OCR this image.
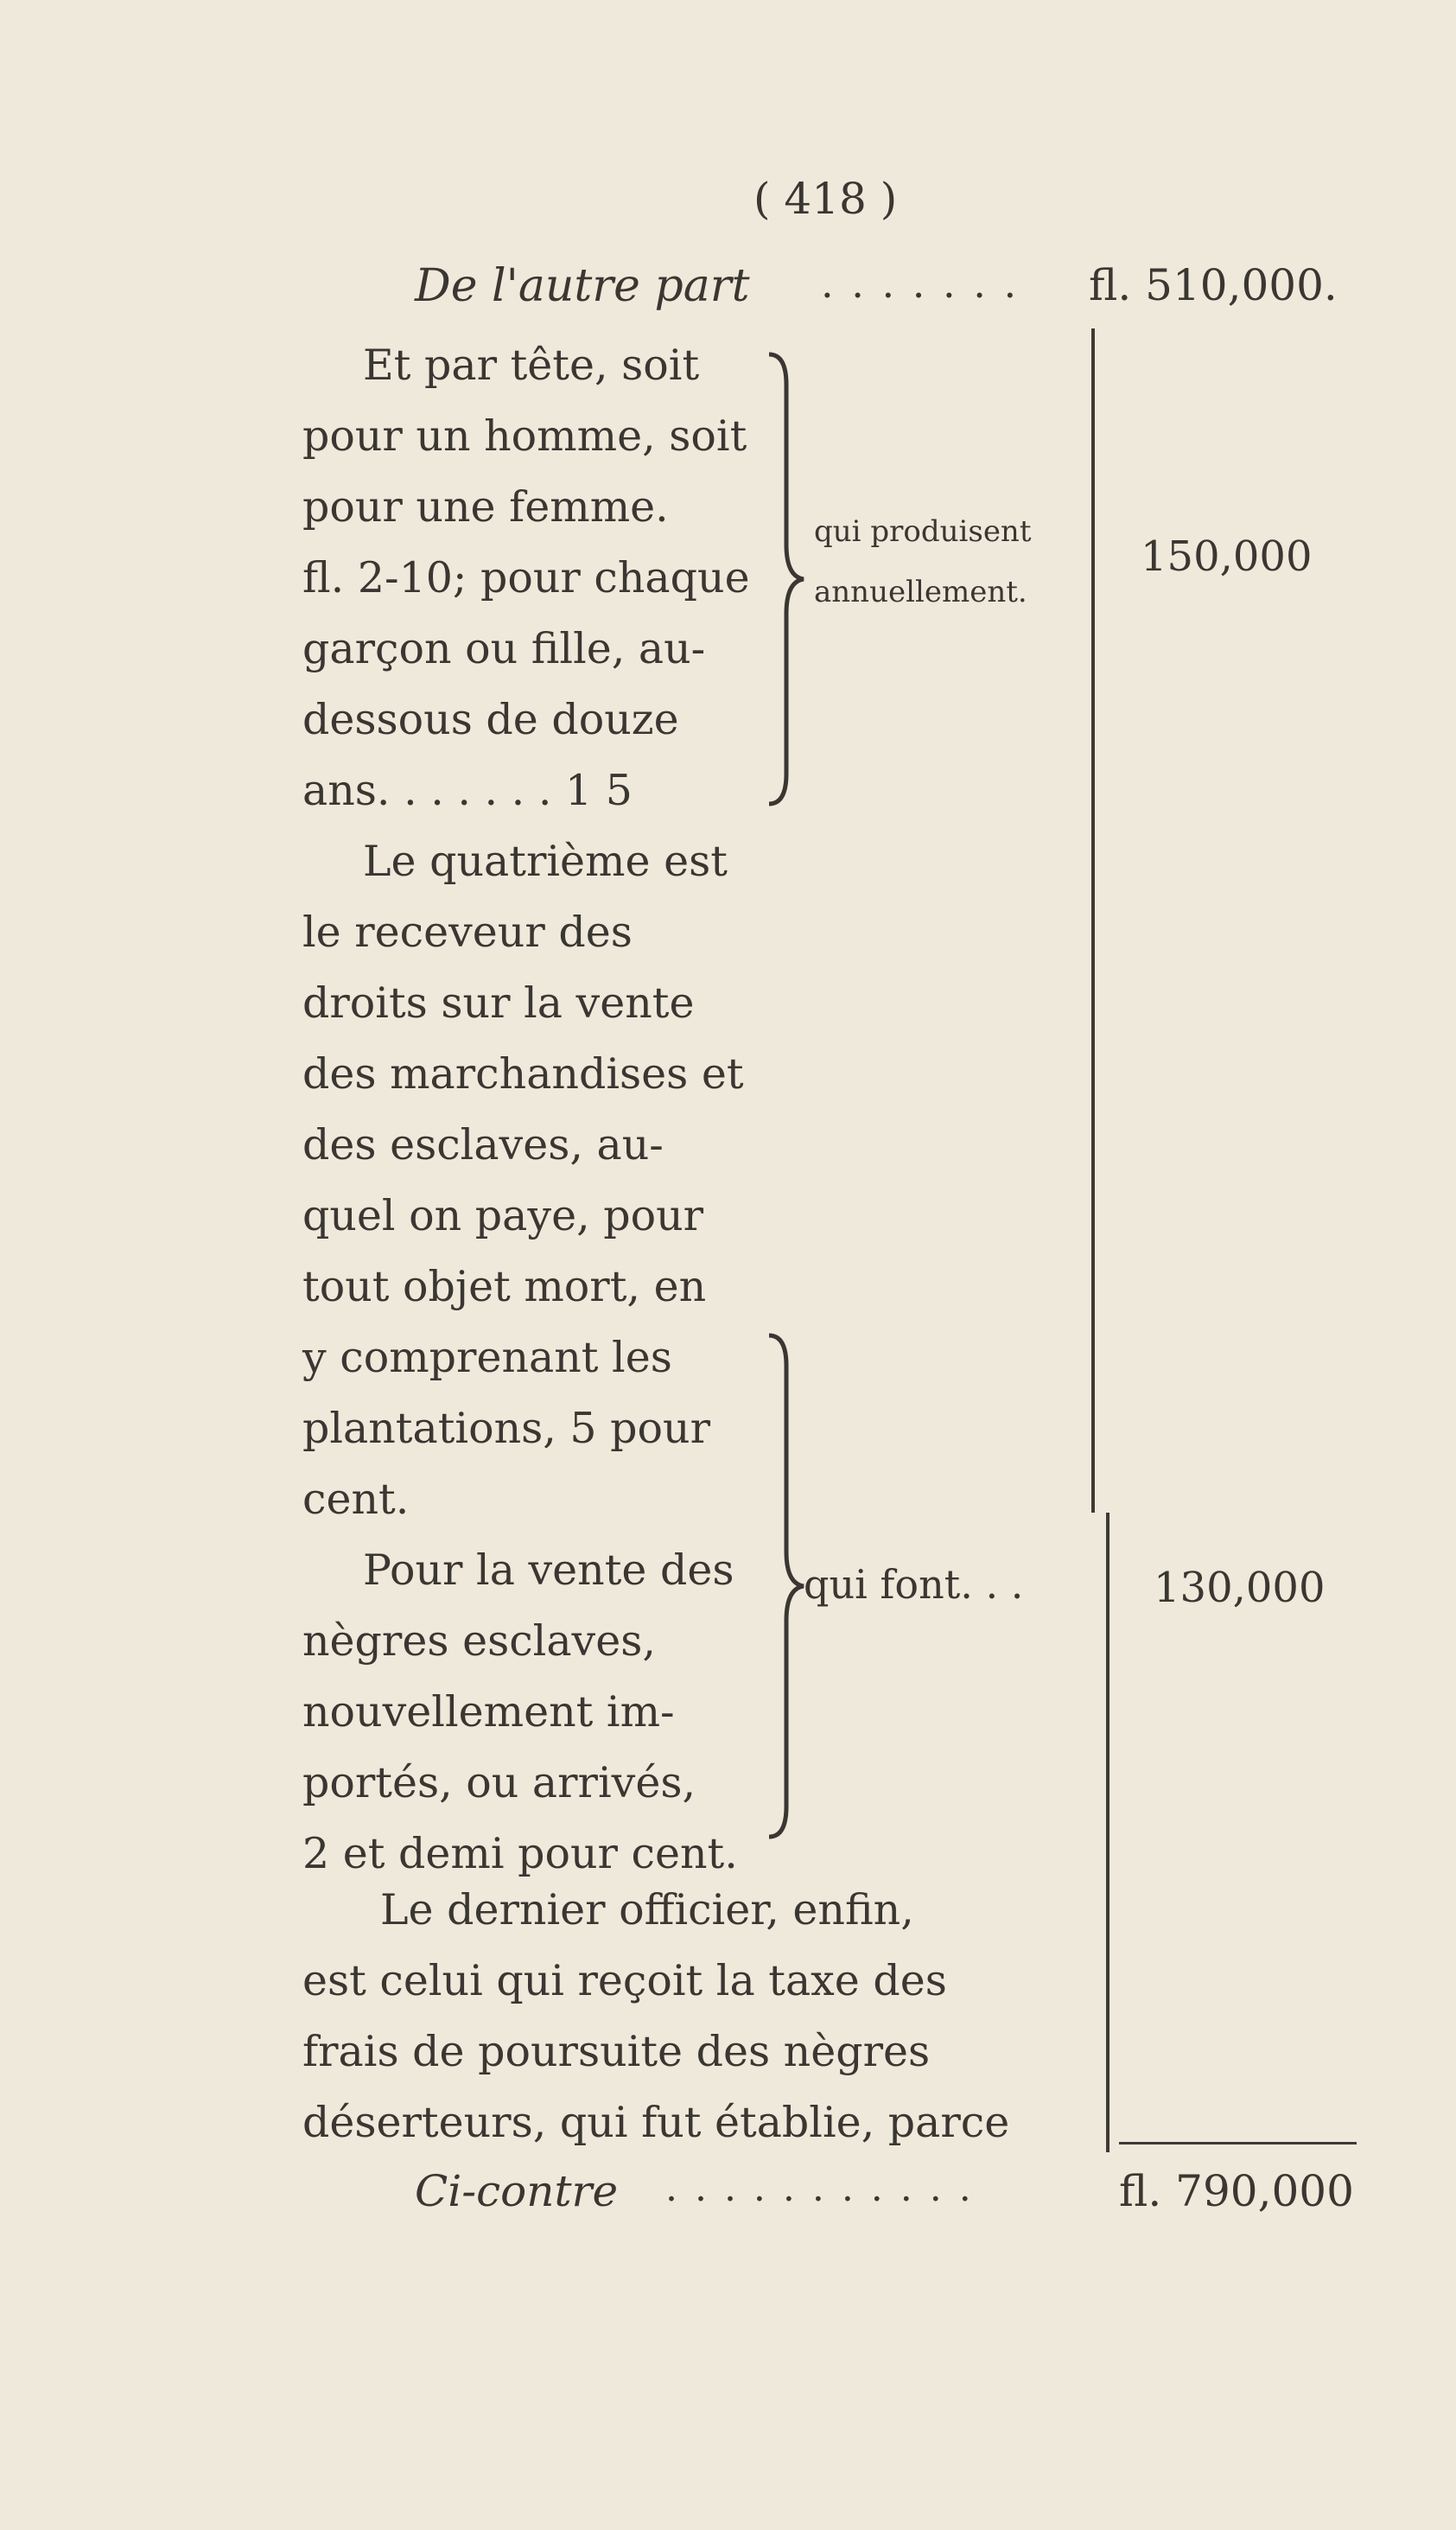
( 418 )
De l'autre part . . . . . . . fl. 510,000.
Et par tête, soit
pour un homme, soit
pour une femme.
fl. 2-10; pour chaque
garçon ou fille, au-
dessous de douze
ans. . . . . . . 1 5
qui produisent
annuellement.
150,000
Le quatrième est
le receveur des
droits sur la vente
des marchandises et
des esclaves, au-
quel on paye, pour
tout objet mort, en
y comprenant les
plantations, 5 pour
cent.
Pour la vente des
nègres esclaves,
nouvellement im-
portés, ou arrivés,
2 et demi pour cent.
qui font. . .	130,000
Le dernier officier, enfin,
est celui qui reçoit la taxe des
frais de poursuite des nègres
déserteurs, qui fut établie, parce
Ci-contre . . . . . . . . . . .	fl. 790,000
